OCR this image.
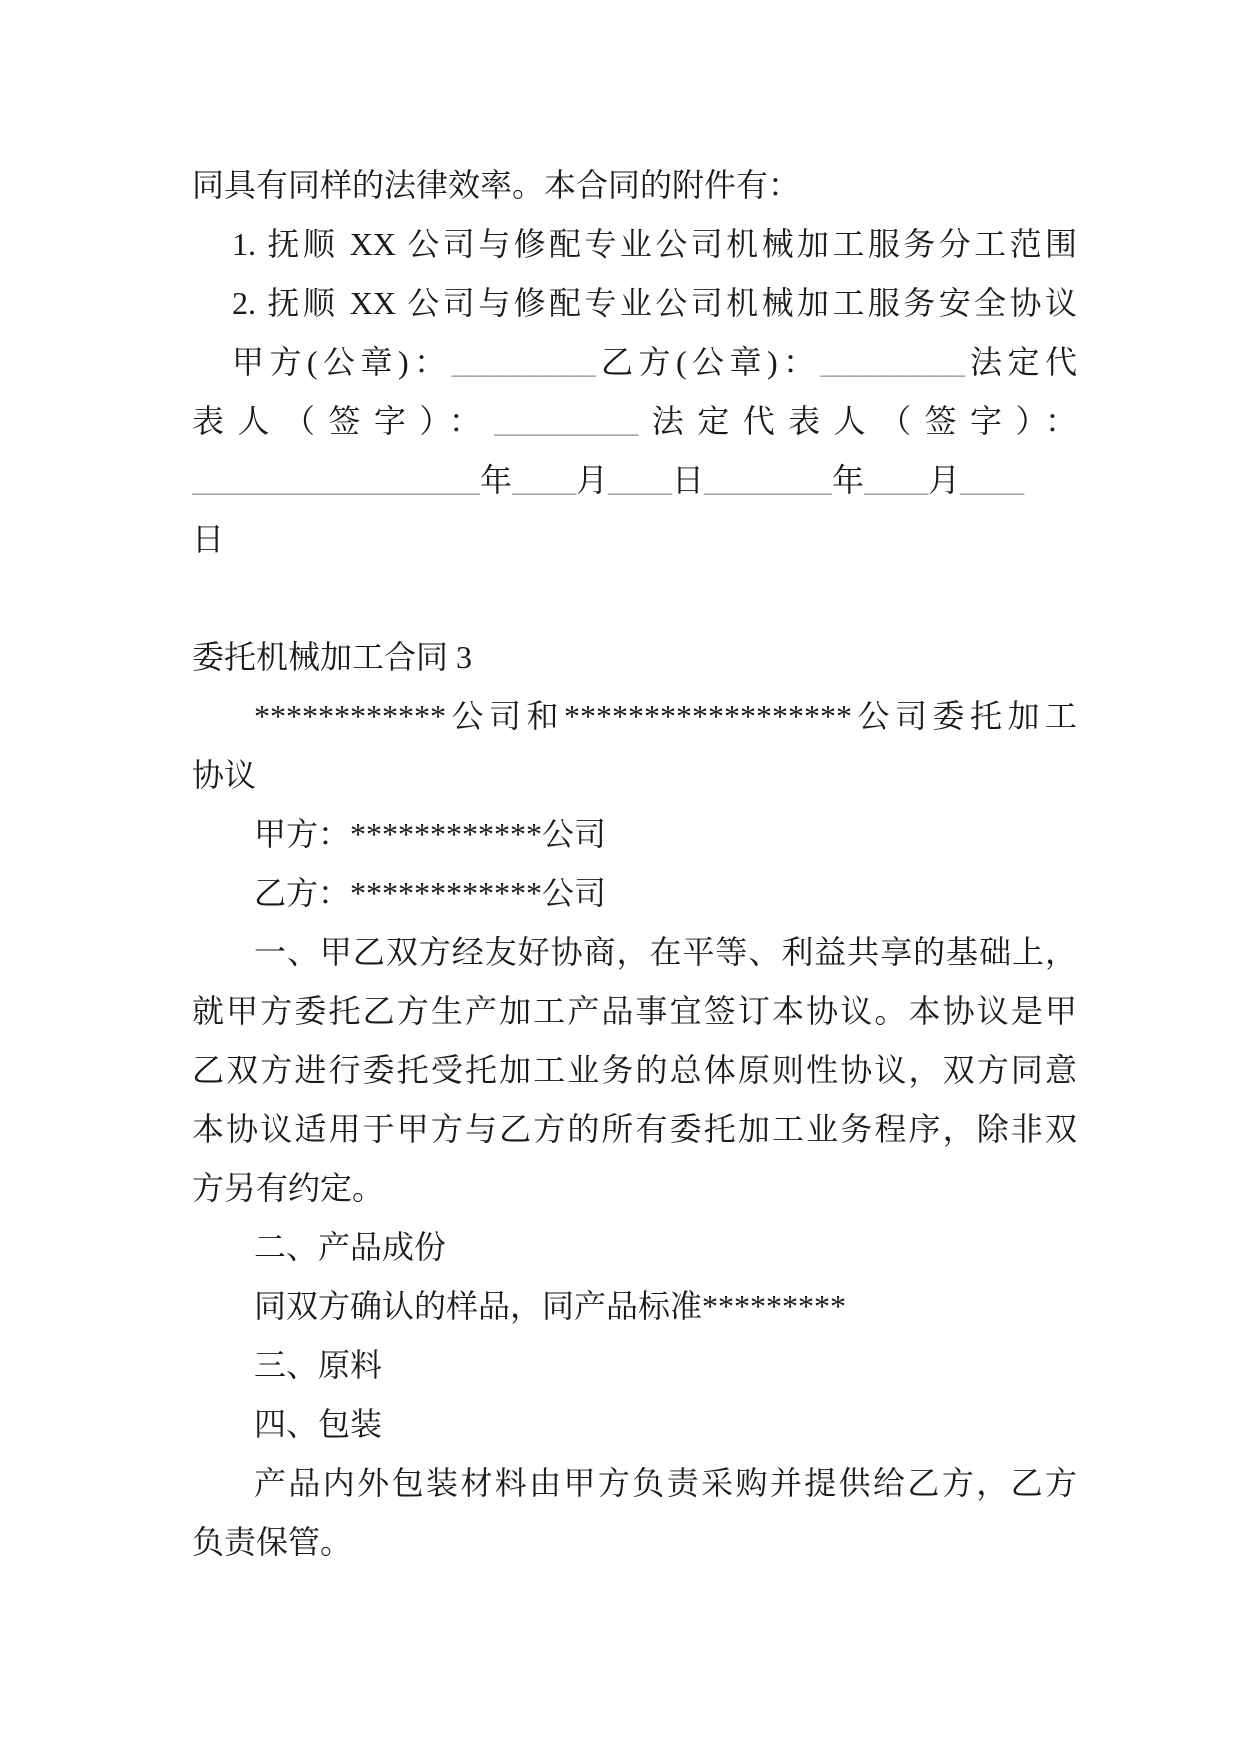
同具有同样的法律效率。本合同的附件有：
1. 抚顺 XX 公司与修配专业公司机械加工服务分工范围
2. 抚顺 XX 公司与修配专业公司机械加工服务安全协议
甲方(公章)：_________乙方(公章)：_________法定代
表人（签字）：_________法定代表人（签字）：
__________________年____月____日________年____月____
日
委托机械加工合同 3
************公司和******************公司委托加工
协议
甲方：************公司
乙方：************公司
一、甲乙双方经友好协商，在平等、利益共享的基础上，
就甲方委托乙方生产加工产品事宜签订本协议。本协议是甲
乙双方进行委托受托加工业务的总体原则性协议，双方同意
本协议适用于甲方与乙方的所有委托加工业务程序，除非双
方另有约定。
二、产品成份
同双方确认的样品，同产品标准*********
三、原料
四、包装
产品内外包装材料由甲方负责采购并提供给乙方，乙方
负责保管。
